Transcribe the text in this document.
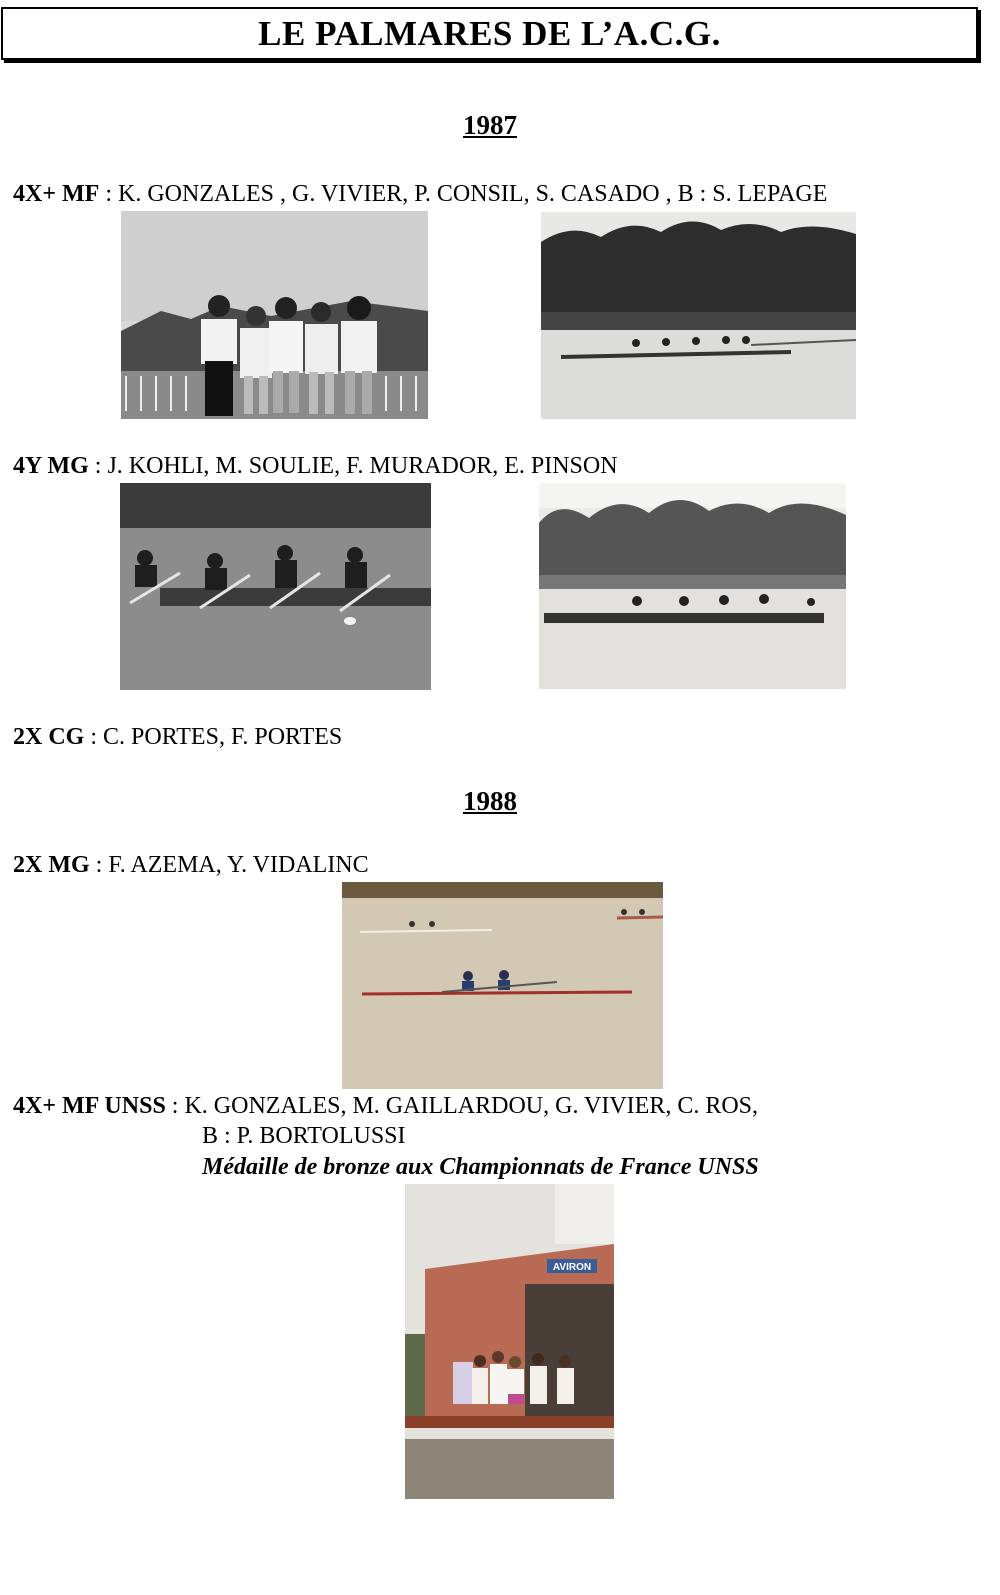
LE PALMARES DE L’A.C.G.
1987
4X+ MF : K. GONZALES , G. VIVIER, P. CONSIL, S. CASADO , B : S. LEPAGE
4Y MG : J. KOHLI, M. SOULIE, F. MURADOR, E. PINSON
2X CG : C. PORTES, F. PORTES
1988
2X MG : F. AZEMA, Y. VIDALINC
4X+ MF UNSS : K. GONZALES, M. GAILLARDOU, G. VIVIER, C. ROS,
B : P. BORTOLUSSI
Médaille de bronze aux Championnats de France UNSS
AVIRON
